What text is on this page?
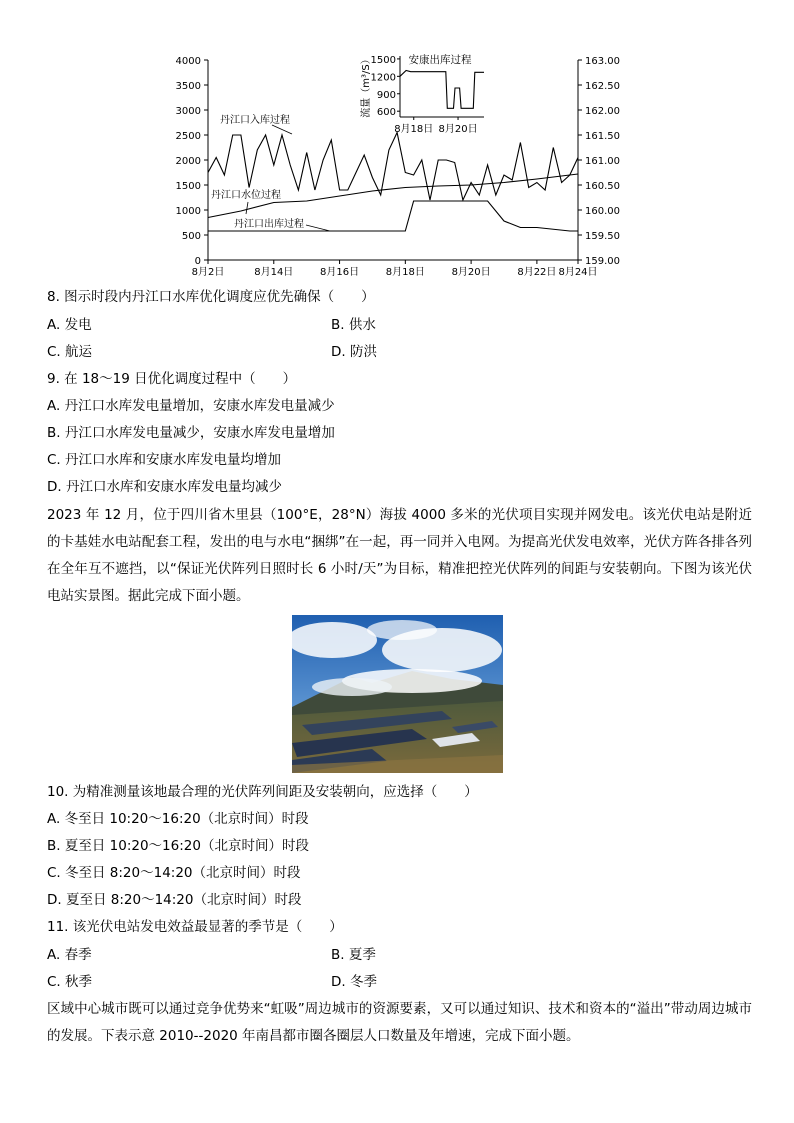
0
500
1000
1500
2000
2500
3000
3500
4000
159.00
159.50
160.00
160.50
161.00
161.50
162.00
162.50
163.00
8月2日	8月14日	8月16日	8月18日	8月20日	8月22日 8月24日
丹江口入库过程
丹江口水位过程
丹江口出库过程
1500
1200
900
600
8月18日 8月20日
安康出库过程
流量（m³/S）
8. 图示时段内丹江口水库优化调度应优先确保（　　）
A. 发电	B. 供水
C. 航运	D. 防洪
9. 在 18～19 日优化调度过程中（　　）
A. 丹江口水库发电量增加，安康水库发电量减少
B. 丹江口水库发电量减少，安康水库发电量增加
C. 丹江口水库和安康水库发电量均增加
D. 丹江口水库和安康水库发电量均减少
2023 年 12 月，位于四川省木里县（100°E，28°N）海拔 4000 多米的光伏项目实现并网发电。该光伏电站是附近的卡基娃水电站配套工程，发出的电与水电“捆绑”在一起，再一同并入电网。为提高光伏发电效率，光伏方阵各排各列在全年互不遮挡，以“保证光伏阵列日照时长 6 小时/天”为目标，精准把控光伏阵列的间距与安装朝向。下图为该光伏电站实景图。据此完成下面小题。
10. 为精准测量该地最合理的光伏阵列间距及安装朝向，应选择（　　）
A. 冬至日 10:20～16:20（北京时间）时段
B. 夏至日 10:20～16:20（北京时间）时段
C. 冬至日 8:20～14:20（北京时间）时段
D. 夏至日 8:20～14:20（北京时间）时段
11. 该光伏电站发电效益最显著的季节是（　　）
A. 春季	B. 夏季
C. 秋季	D. 冬季
区域中心城市既可以通过竞争优势来“虹吸”周边城市的资源要素，又可以通过知识、技术和资本的“溢出”带动周边城市的发展。下表示意 2010--2020 年南昌都市圈各圈层人口数量及年增速，完成下面小题。
